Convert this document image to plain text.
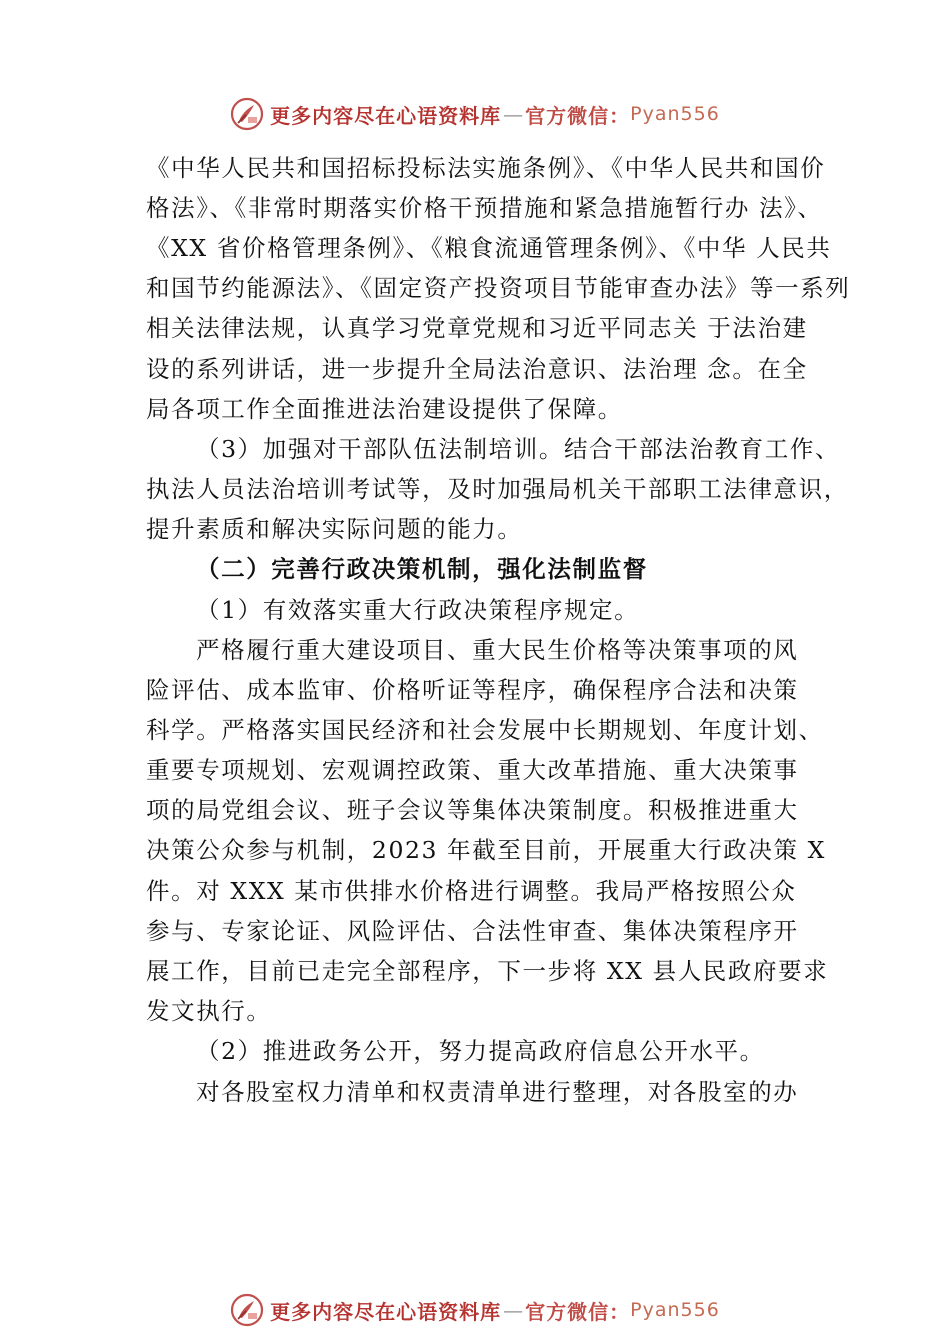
更多内容尽在心语资料库 — 官方微信： Pyan556
《中华人民共和国招标投标法实施条例》、《中华人民共和国价
格法》、《非常时期落实价格干预措施和紧急措施暂行办 法》、
《XX 省价格管理条例》、《粮食流通管理条例》、《中华 人民共
和国节约能源法》、《固定资产投资项目节能审查办法》等一系列
相关法律法规，认真学习党章党规和习近平同志关 于法治建
设的系列讲话，进一步提升全局法治意识、法治理 念。在全
局各项工作全面推进法治建设提供了保障。
（3）加强对干部队伍法制培训。结合干部法治教育工作、
执法人员法治培训考试等，及时加强局机关干部职工法律意识，
提升素质和解决实际问题的能力。
（二）完善行政决策机制，强化法制监督
（1）有效落实重大行政决策程序规定。
严格履行重大建设项目、重大民生价格等决策事项的风
险评估、成本监审、价格听证等程序，确保程序合法和决策
科学。严格落实国民经济和社会发展中长期规划、年度计划、
重要专项规划、宏观调控政策、重大改革措施、重大决策事
项的局党组会议、班子会议等集体决策制度。积极推进重大
决策公众参与机制，2023 年截至目前，开展重大行政决策 X
件。对 XXX 某市供排水价格进行调整。我局严格按照公众
参与、专家论证、风险评估、合法性审查、集体决策程序开
展工作，目前已走完全部程序，下一步将 XX 县人民政府要求
发文执行。
（2）推进政务公开，努力提高政府信息公开水平。
对各股室权力清单和权责清单进行整理，对各股室的办
更多内容尽在心语资料库 — 官方微信： Pyan556
